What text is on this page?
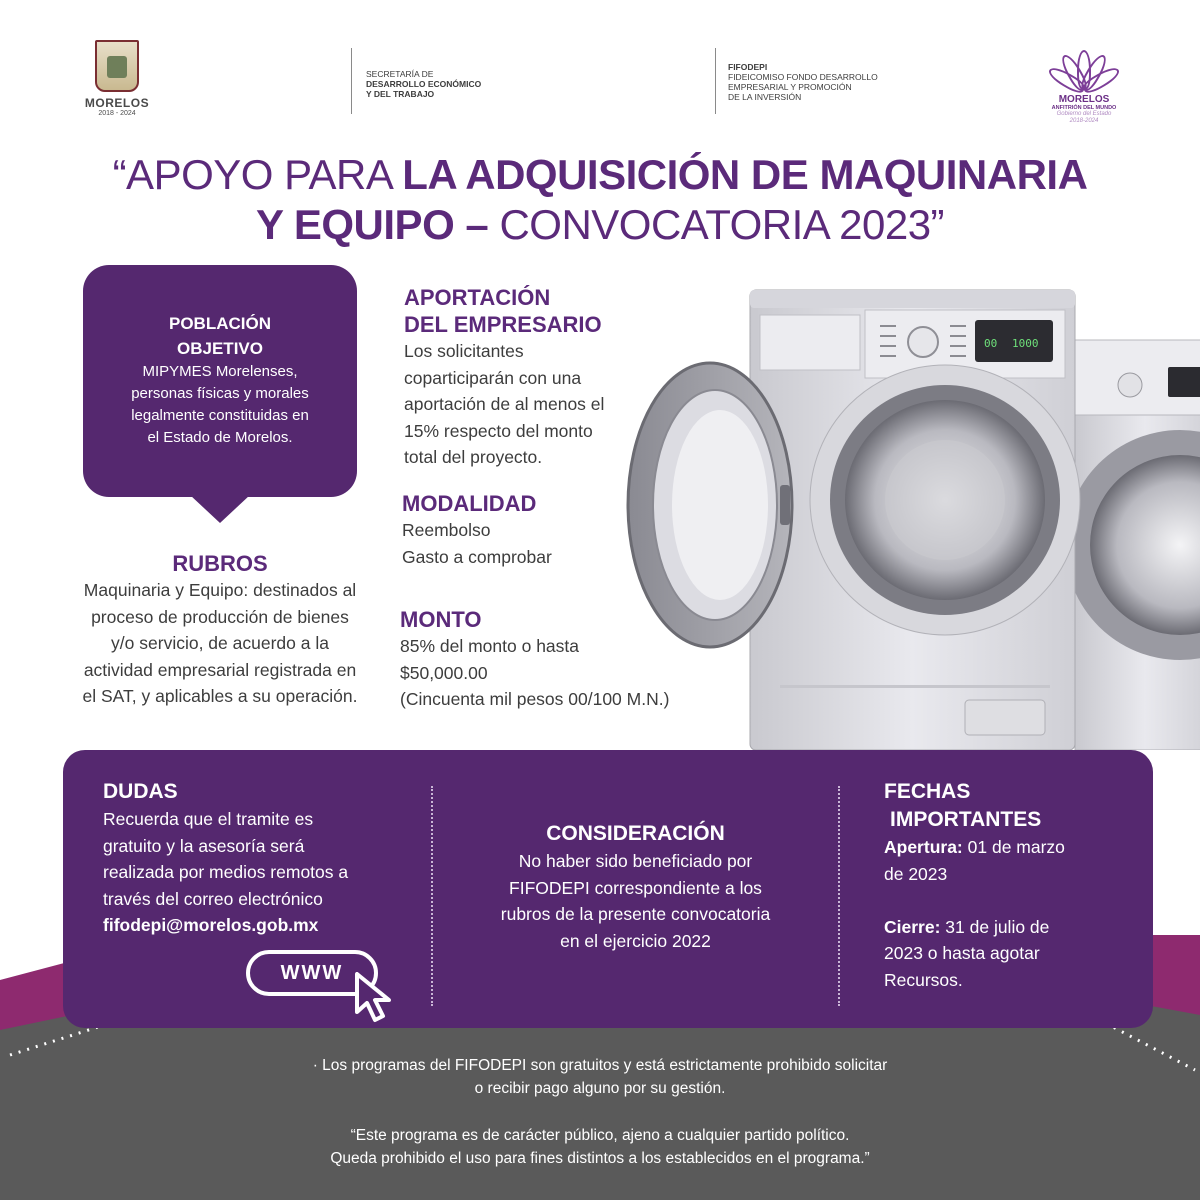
MORELOS
2018 - 2024
SECRETARÍA DE
DESARROLLO ECONÓMICO
Y DEL TRABAJO
FIFODEPI
FIDEICOMISO FONDO DESARROLLO
EMPRESARIAL Y PROMOCIÓN
DE LA INVERSIÓN	MORELOS
ANFITRIÓN DEL MUNDO
Gobierno del Estado
2018-2024
“APOYO PARA LA ADQUISICIÓN DE MAQUINARIA
Y EQUIPO – CONVOCATORIA 2023”
POBLACIÓN
OBJETIVO
MIPYMES Morelenses,
personas físicas y morales
legalmente constituidas en
el Estado de Morelos.
RUBROS
Maquinaria y Equipo: destinados al
proceso de producción de bienes
y/o servicio, de acuerdo a la
actividad empresarial registrada en
el SAT, y aplicables a su operación.
00 1000
APORTACIÓN
DEL EMPRESARIO
Los solicitantes
coparticiparán con una
aportación de al menos el
15% respecto del monto
total del proyecto.
MODALIDAD
Reembolso
Gasto a comprobar
MONTO
85% del monto o hasta
$50,000.00
(Cincuenta mil pesos 00/100 M.N.)
DUDAS
Recuerda que el tramite es
gratuito y la asesoría será
realizada por medios remotos a
través del correo electrónico
fifodepi@morelos.gob.mx
WWW
CONSIDERACIÓN
No haber sido beneficiado por
FIFODEPI correspondiente a los
rubros de la presente convocatoria
en el ejercicio 2022
FECHAS
IMPORTANTES
Apertura: 01 de marzo
de 2023

Cierre: 31 de julio de
2023 o hasta agotar
Recursos.
· Los programas del FIFODEPI son gratuitos y está estrictamente prohibido solicitar
o recibir pago alguno por su gestión.
“Este programa es de carácter público, ajeno a cualquier partido político.
Queda prohibido el uso para fines distintos a los establecidos en el programa.”
